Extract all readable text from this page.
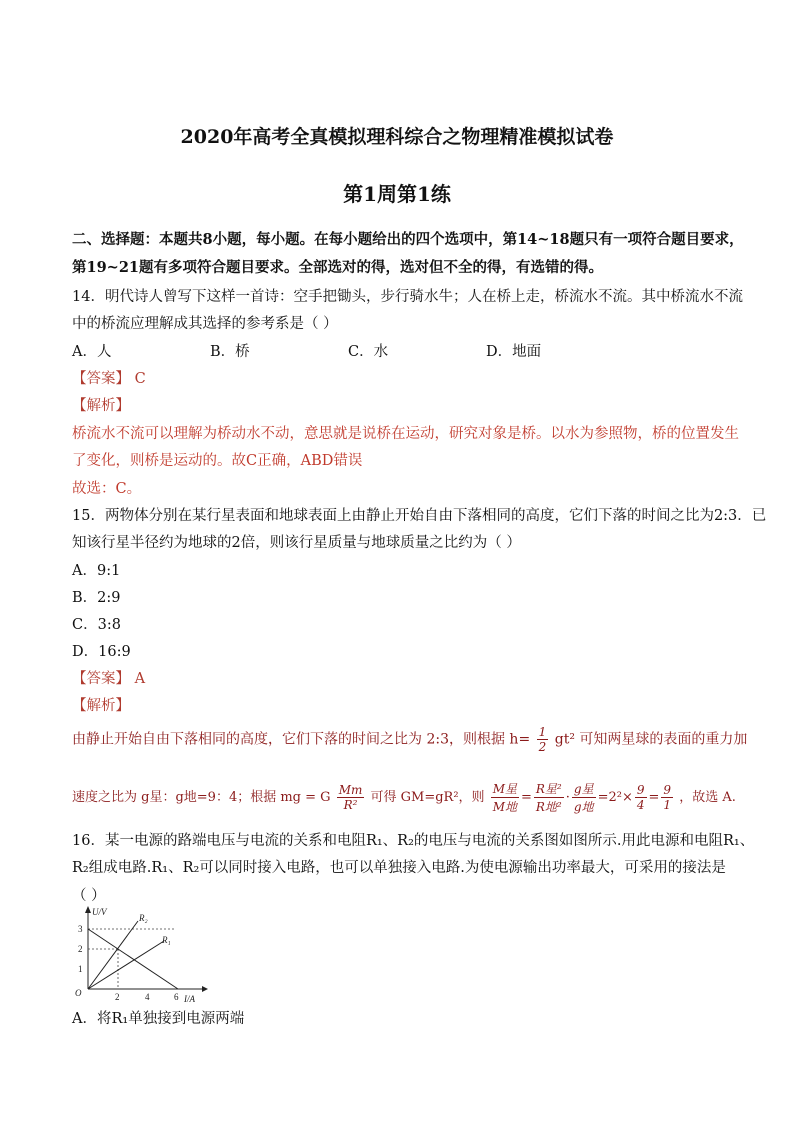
2020年高考全真模拟理科综合之物理精准模拟试卷
第1周第1练
二、选择题：本题共8小题，每小题。在每小题给出的四个选项中，第14~18题只有一项符合题目要求，
第19~21题有多项符合题目要求。全部选对的得，选对但不全的得，有选错的得。
14．明代诗人曾写下这样一首诗：空手把锄头，步行骑水牛；人在桥上走，桥流水不流。其中桥流水不流
中的桥流应理解成其选择的参考系是（ ）
A．人	B．桥	C．水	D．地面
【答案】 C
【解析】
桥流水不流可以理解为桥动水不动，意思就是说桥在运动，研究对象是桥。以水为参照物，桥的位置发生
了变化，则桥是运动的。故C正确，ABD错误
故选：C。
15．两物体分别在某行星表面和地球表面上由静止开始自由下落相同的高度，它们下落的时间之比为2:3．已
知该行星半径约为地球的2倍，则该行星质量与地球质量之比约为（ ）
A．9:1
B．2:9
C．3:8
D．16:9
【答案】 A
【解析】
由静止开始自由下落相同的高度，它们下落的时间之比为 2:3，则根据 $h= \frac{1}{2} gt^2$ 可知两星球的表面的重力加
速度之比为 g星：g地=9：4；根据 mg = G $\frac{Mm}{\text{R²}}$ 可得 GM=gR²，则 $\frac{\text{M星}}{\text{M地}} = \frac{\text{R星²}}{\text{R地²}} \cdot \frac{\text{g星}}{\text{g地}} =2^2\times \frac{9}{4} = \frac{9}{1}$ ，故选 A.
16．某一电源的路端电压与电流的关系和电阻R₁、R₂的电压与电流的关系图如图所示.用此电源和电阻R₁、
R₂组成电路.R₁、R₂可以同时接入电路，也可以单独接入电路.为使电源输出功率最大，可采用的接法是
（ ）
U/V
I/A
O
1
2
3
2	4	6
R₂
R₁
A．将R₁单独接到电源两端
